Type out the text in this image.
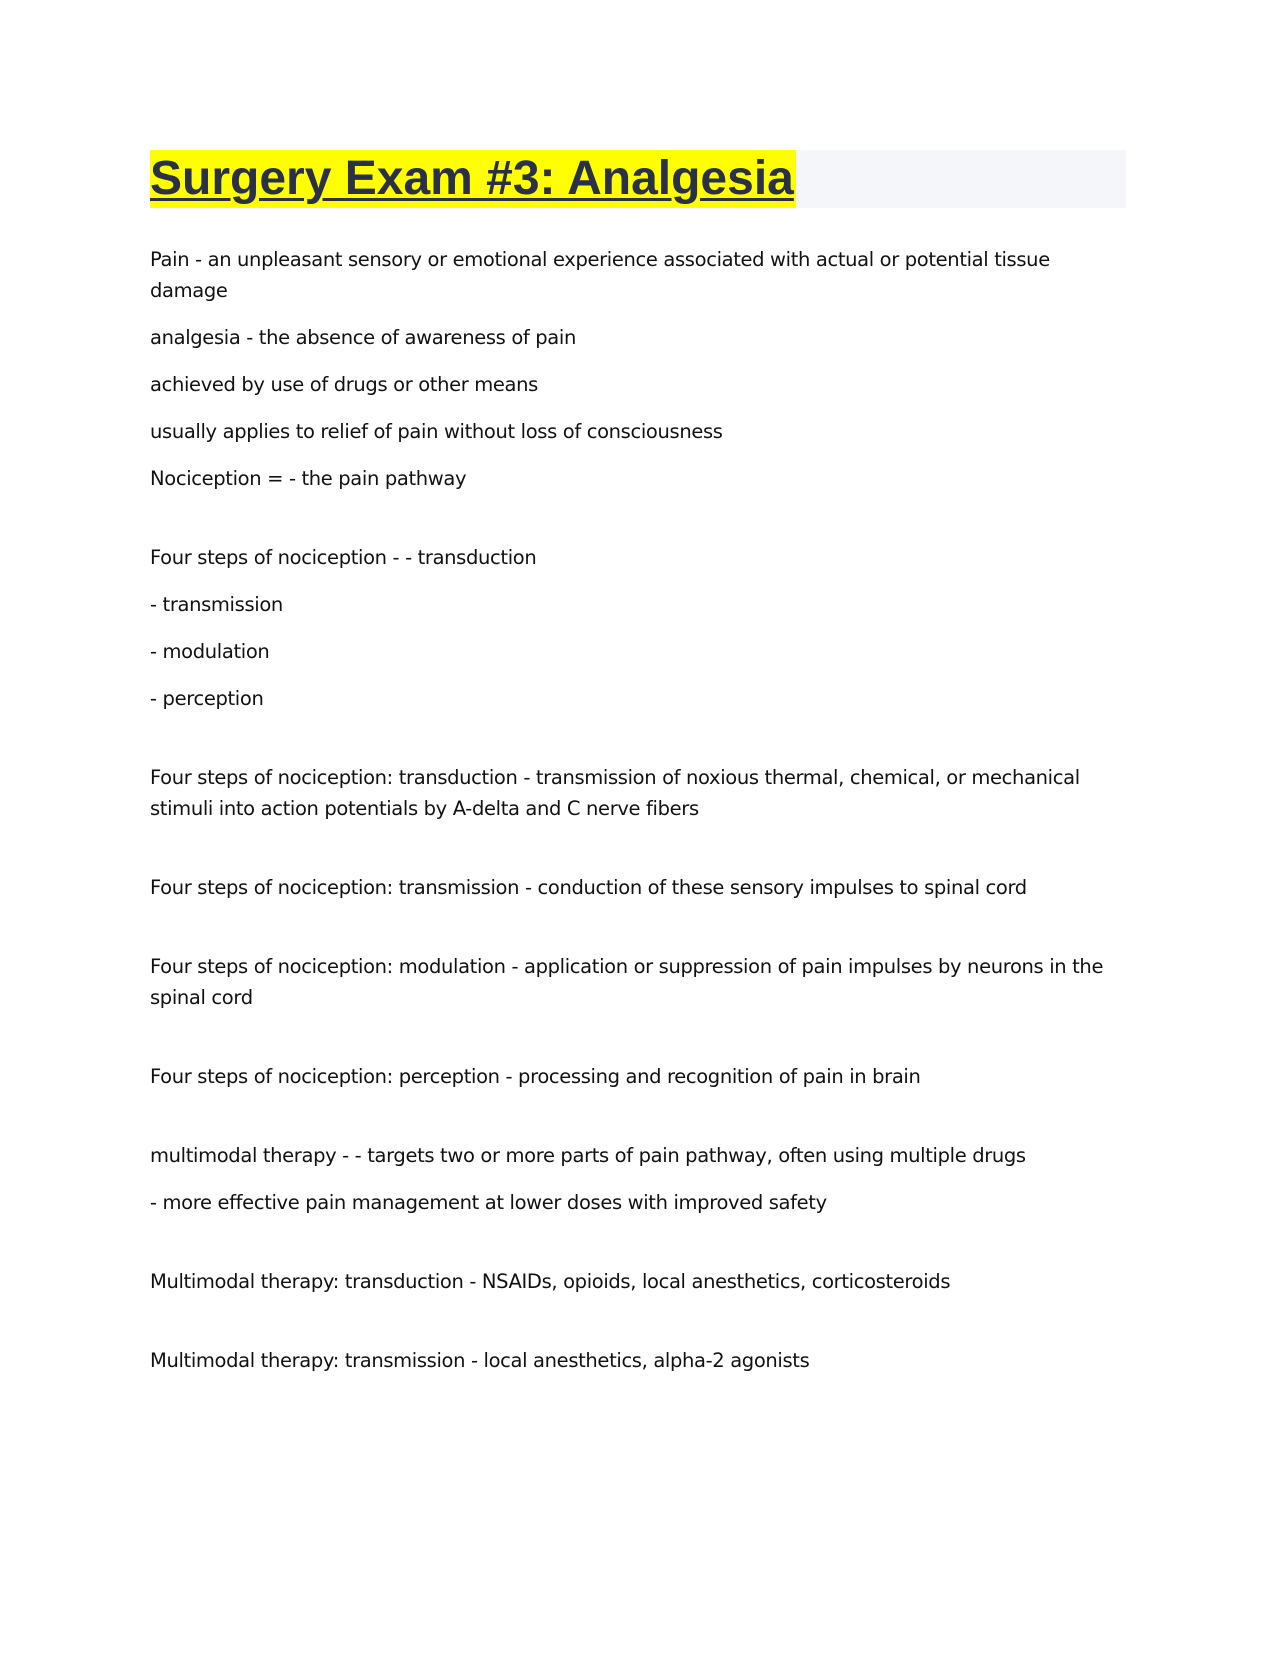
Surgery Exam #3: Analgesia

Pain - an unpleasant sensory or emotional experience associated with actual or potential tissue damage

analgesia - the absence of awareness of pain

achieved by use of drugs or other means

usually applies to relief of pain without loss of consciousness

Nociception = - the pain pathway

Four steps of nociception - - transduction

- transmission

- modulation

- perception

Four steps of nociception: transduction - transmission of noxious thermal, chemical, or mechanical stimuli into action potentials by A-delta and C nerve fibers

Four steps of nociception: transmission - conduction of these sensory impulses to spinal cord

Four steps of nociception: modulation - application or suppression of pain impulses by neurons in the spinal cord

Four steps of nociception: perception - processing and recognition of pain in brain

multimodal therapy - - targets two or more parts of pain pathway, often using multiple drugs

- more effective pain management at lower doses with improved safety

Multimodal therapy: transduction - NSAIDs, opioids, local anesthetics, corticosteroids

Multimodal therapy: transmission - local anesthetics, alpha-2 agonists
